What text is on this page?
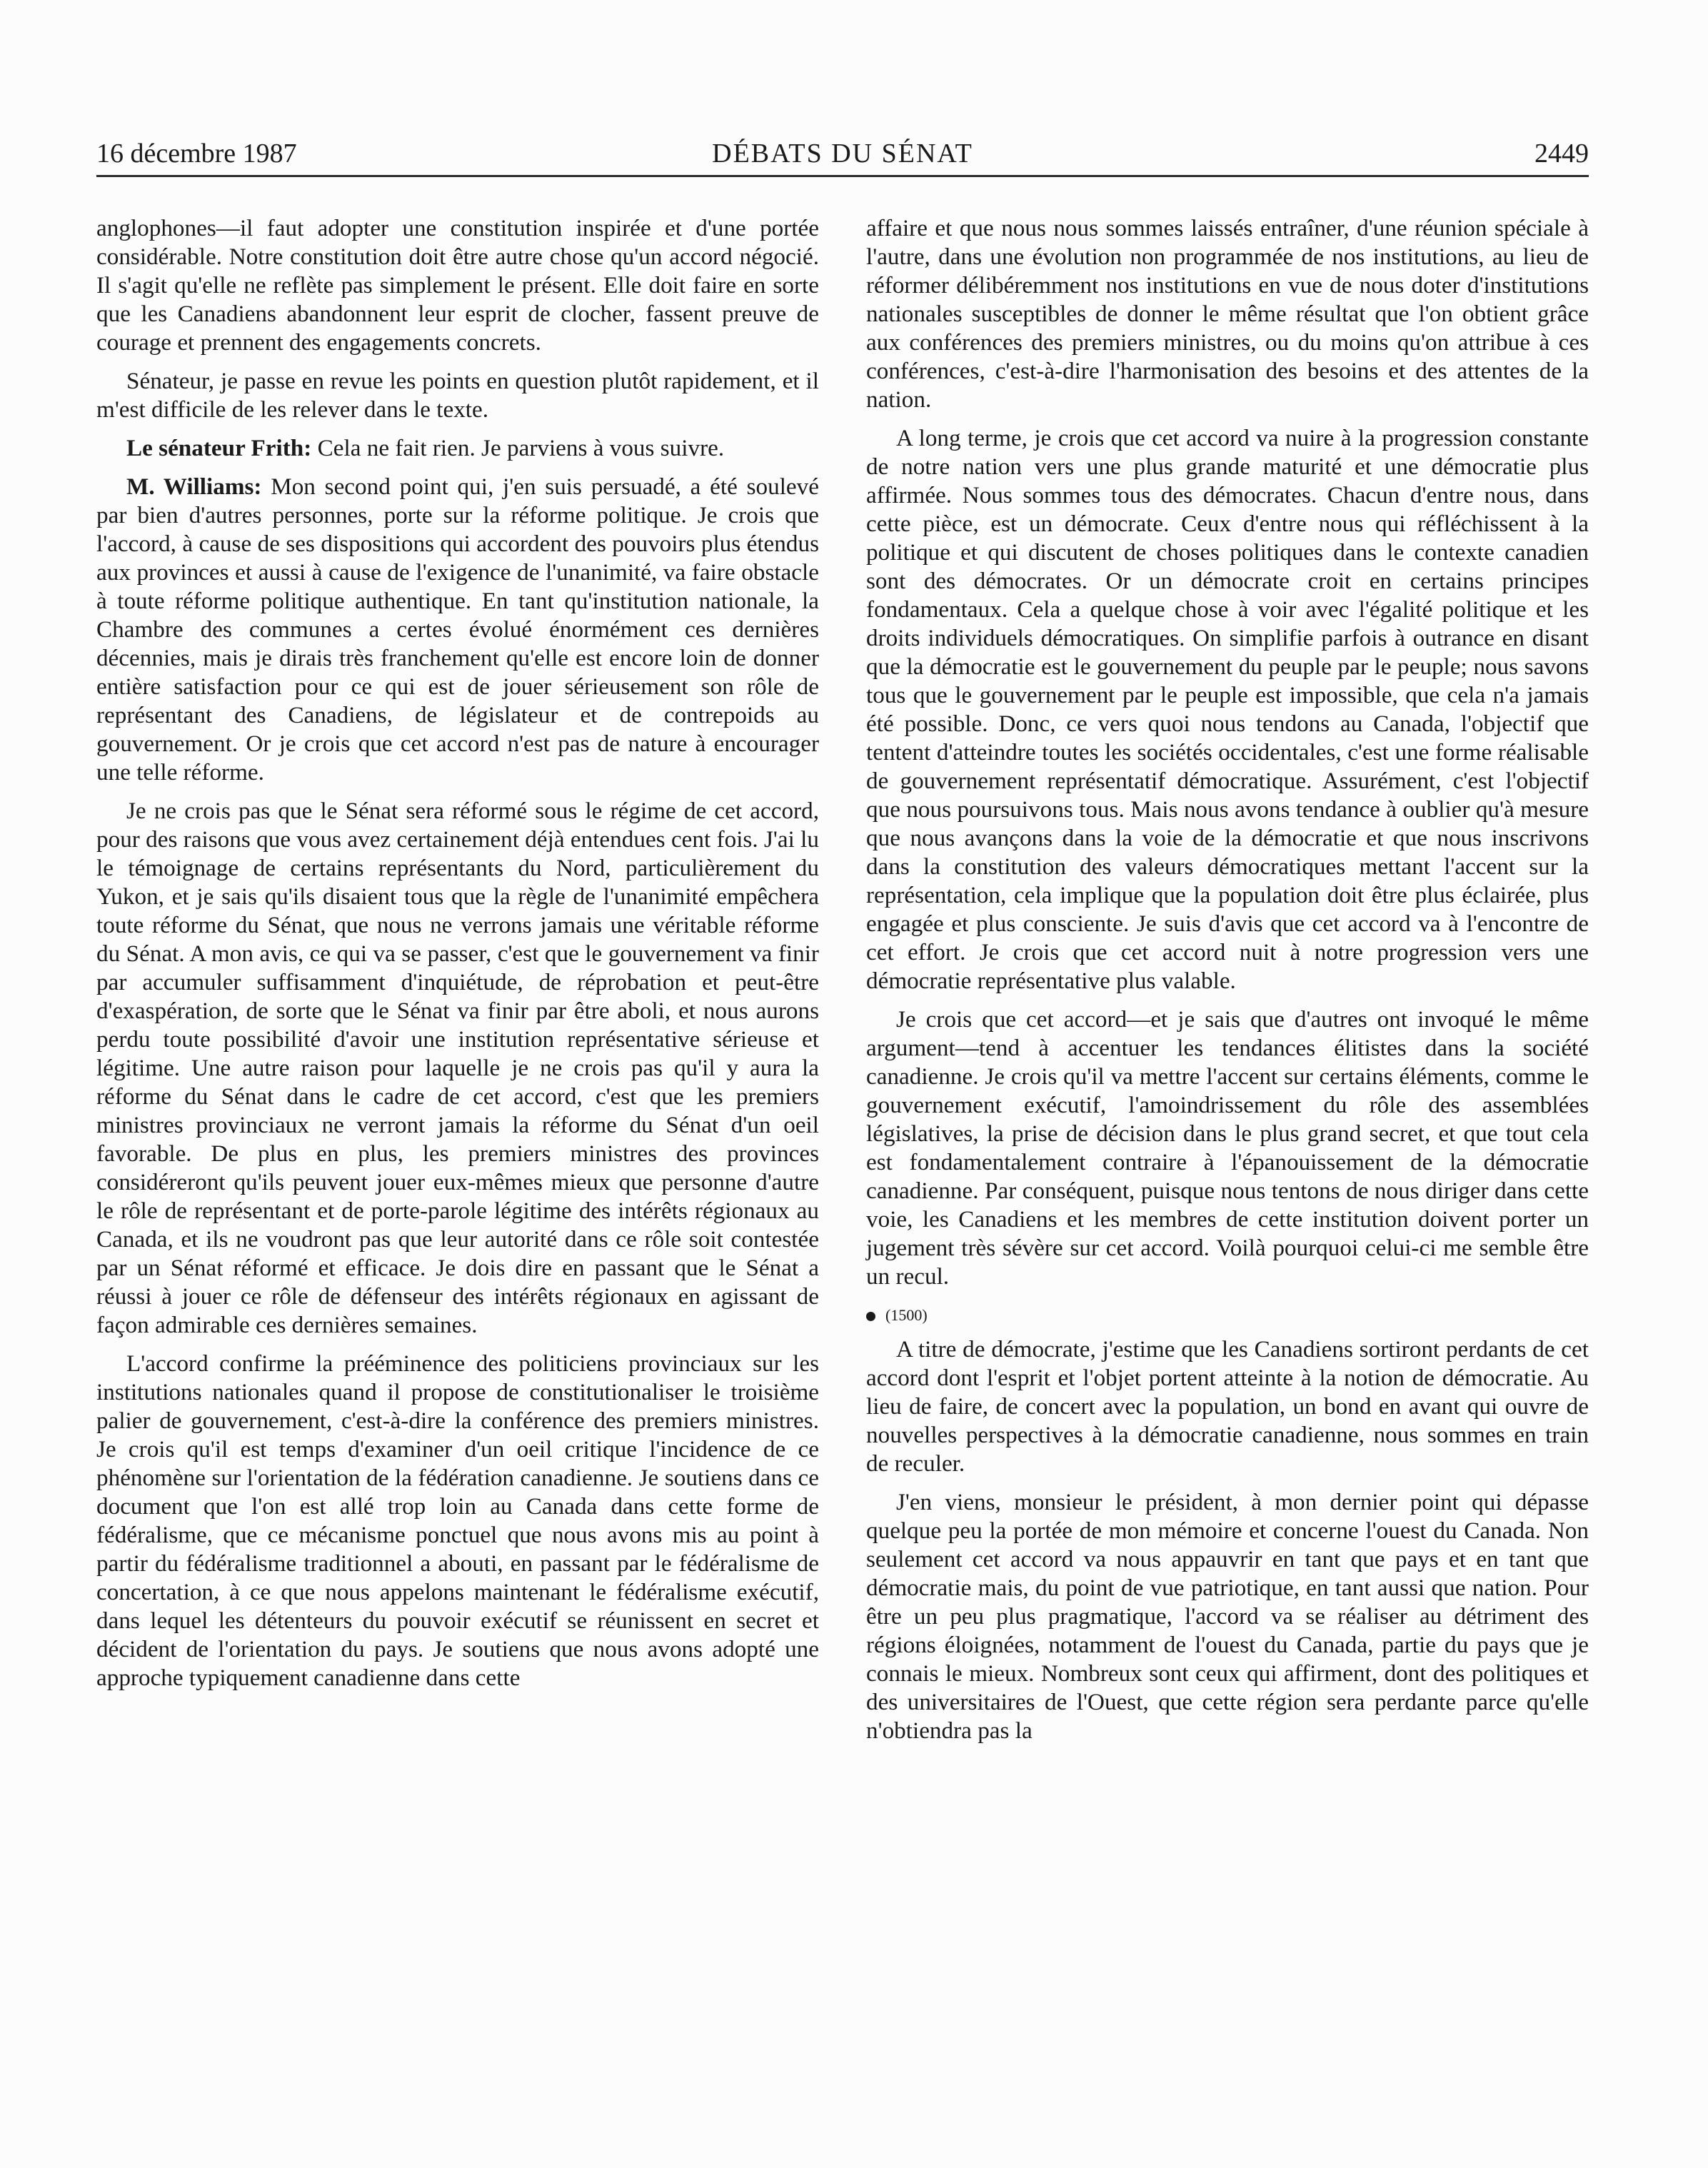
16 décembre 1987	DÉBATS DU SÉNAT	2449

anglophones—il faut adopter une constitution inspirée et d'une portée considérable. Notre constitution doit être autre chose qu'un accord négocié. Il s'agit qu'elle ne reflète pas simplement le présent. Elle doit faire en sorte que les Canadiens abandonnent leur esprit de clocher, fassent preuve de courage et prennent des engagements concrets.

Sénateur, je passe en revue les points en question plutôt rapidement, et il m'est difficile de les relever dans le texte.

Le sénateur Frith: Cela ne fait rien. Je parviens à vous suivre.

M. Williams: Mon second point qui, j'en suis persuadé, a été soulevé par bien d'autres personnes, porte sur la réforme politique. Je crois que l'accord, à cause de ses dispositions qui accordent des pouvoirs plus étendus aux provinces et aussi à cause de l'exigence de l'unanimité, va faire obstacle à toute réforme politique authentique. En tant qu'institution nationale, la Chambre des communes a certes évolué énormément ces dernières décennies, mais je dirais très franchement qu'elle est encore loin de donner entière satisfaction pour ce qui est de jouer sérieusement son rôle de représentant des Canadiens, de législateur et de contrepoids au gouvernement. Or je crois que cet accord n'est pas de nature à encourager une telle réforme.

Je ne crois pas que le Sénat sera réformé sous le régime de cet accord, pour des raisons que vous avez certainement déjà entendues cent fois. J'ai lu le témoignage de certains représentants du Nord, particulièrement du Yukon, et je sais qu'ils disaient tous que la règle de l'unanimité empêchera toute réforme du Sénat, que nous ne verrons jamais une véritable réforme du Sénat. A mon avis, ce qui va se passer, c'est que le gouvernement va finir par accumuler suffisamment d'inquiétude, de réprobation et peut-être d'exaspération, de sorte que le Sénat va finir par être aboli, et nous aurons perdu toute possibilité d'avoir une institution représentative sérieuse et légitime. Une autre raison pour laquelle je ne crois pas qu'il y aura la réforme du Sénat dans le cadre de cet accord, c'est que les premiers ministres provinciaux ne verront jamais la réforme du Sénat d'un oeil favorable. De plus en plus, les premiers ministres des provinces considéreront qu'ils peuvent jouer eux-mêmes mieux que personne d'autre le rôle de représentant et de porte-parole légitime des intérêts régionaux au Canada, et ils ne voudront pas que leur autorité dans ce rôle soit contestée par un Sénat réformé et efficace. Je dois dire en passant que le Sénat a réussi à jouer ce rôle de défenseur des intérêts régionaux en agissant de façon admirable ces dernières semaines.

L'accord confirme la prééminence des politiciens provinciaux sur les institutions nationales quand il propose de constitutionaliser le troisième palier de gouvernement, c'est-à-dire la conférence des premiers ministres. Je crois qu'il est temps d'examiner d'un oeil critique l'incidence de ce phénomène sur l'orientation de la fédération canadienne. Je soutiens dans ce document que l'on est allé trop loin au Canada dans cette forme de fédéralisme, que ce mécanisme ponctuel que nous avons mis au point à partir du fédéralisme traditionnel a abouti, en passant par le fédéralisme de concertation, à ce que nous appelons maintenant le fédéralisme exécutif, dans lequel les détenteurs du pouvoir exécutif se réunissent en secret et décident de l'orientation du pays. Je soutiens que nous avons adopté une approche typiquement canadienne dans cette

affaire et que nous nous sommes laissés entraîner, d'une réunion spéciale à l'autre, dans une évolution non programmée de nos institutions, au lieu de réformer délibéremment nos institutions en vue de nous doter d'institutions nationales susceptibles de donner le même résultat que l'on obtient grâce aux conférences des premiers ministres, ou du moins qu'on attribue à ces conférences, c'est-à-dire l'harmonisation des besoins et des attentes de la nation.

A long terme, je crois que cet accord va nuire à la progression constante de notre nation vers une plus grande maturité et une démocratie plus affirmée. Nous sommes tous des démocrates. Chacun d'entre nous, dans cette pièce, est un démocrate. Ceux d'entre nous qui réfléchissent à la politique et qui discutent de choses politiques dans le contexte canadien sont des démocrates. Or un démocrate croit en certains principes fondamentaux. Cela a quelque chose à voir avec l'égalité politique et les droits individuels démocratiques. On simplifie parfois à outrance en disant que la démocratie est le gouvernement du peuple par le peuple; nous savons tous que le gouvernement par le peuple est impossible, que cela n'a jamais été possible. Donc, ce vers quoi nous tendons au Canada, l'objectif que tentent d'atteindre toutes les sociétés occidentales, c'est une forme réalisable de gouvernement représentatif démocratique. Assurément, c'est l'objectif que nous poursuivons tous. Mais nous avons tendance à oublier qu'à mesure que nous avançons dans la voie de la démocratie et que nous inscrivons dans la constitution des valeurs démocratiques mettant l'accent sur la représentation, cela implique que la population doit être plus éclairée, plus engagée et plus consciente. Je suis d'avis que cet accord va à l'encontre de cet effort. Je crois que cet accord nuit à notre progression vers une démocratie représentative plus valable.

Je crois que cet accord—et je sais que d'autres ont invoqué le même argument—tend à accentuer les tendances élitistes dans la société canadienne. Je crois qu'il va mettre l'accent sur certains éléments, comme le gouvernement exécutif, l'amoindrissement du rôle des assemblées législatives, la prise de décision dans le plus grand secret, et que tout cela est fondamentalement contraire à l'épanouissement de la démocratie canadienne. Par conséquent, puisque nous tentons de nous diriger dans cette voie, les Canadiens et les membres de cette institution doivent porter un jugement très sévère sur cet accord. Voilà pourquoi celui-ci me semble être un recul.

(1500)

A titre de démocrate, j'estime que les Canadiens sortiront perdants de cet accord dont l'esprit et l'objet portent atteinte à la notion de démocratie. Au lieu de faire, de concert avec la population, un bond en avant qui ouvre de nouvelles perspectives à la démocratie canadienne, nous sommes en train de reculer.

J'en viens, monsieur le président, à mon dernier point qui dépasse quelque peu la portée de mon mémoire et concerne l'ouest du Canada. Non seulement cet accord va nous appauvrir en tant que pays et en tant que démocratie mais, du point de vue patriotique, en tant aussi que nation. Pour être un peu plus pragmatique, l'accord va se réaliser au détriment des régions éloignées, notamment de l'ouest du Canada, partie du pays que je connais le mieux. Nombreux sont ceux qui affirment, dont des politiques et des universitaires de l'Ouest, que cette région sera perdante parce qu'elle n'obtiendra pas la
